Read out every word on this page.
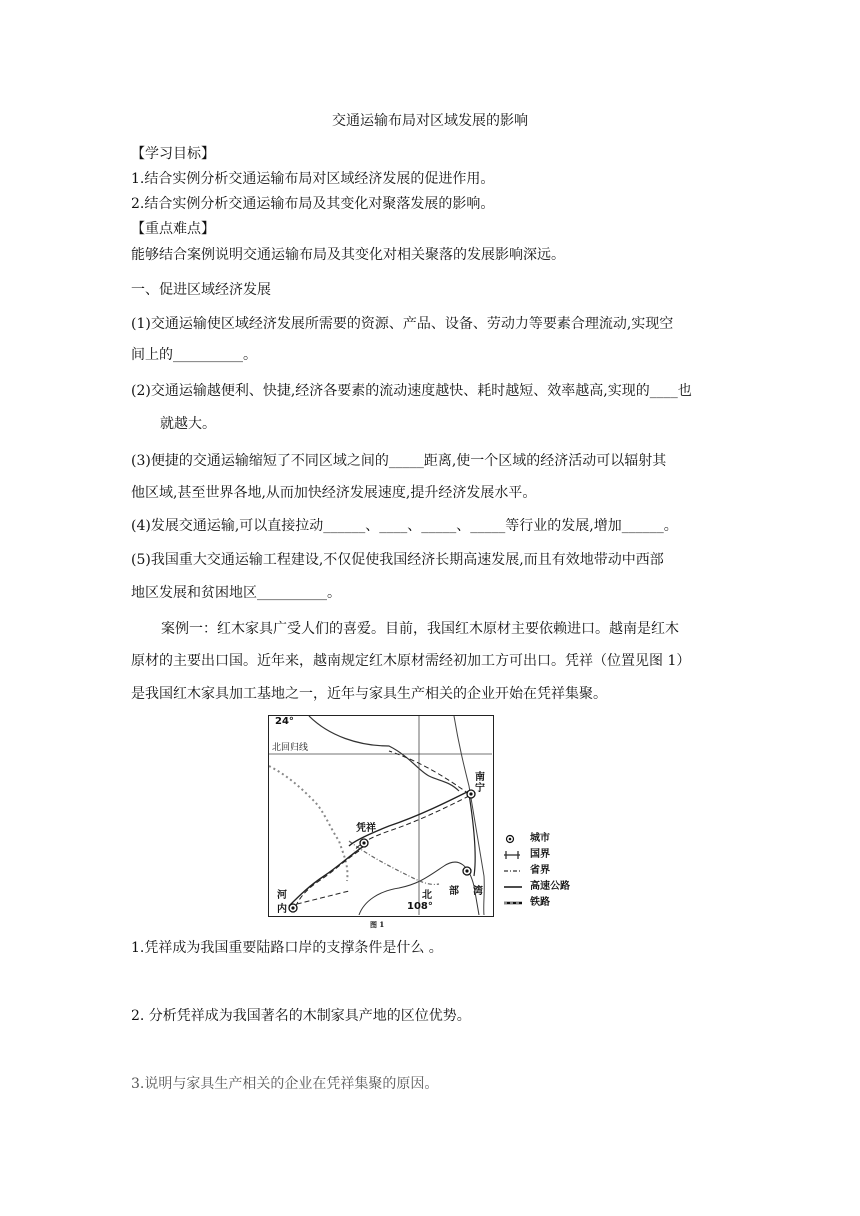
交通运输布局对区域发展的影响
【学习目标】
1.结合实例分析交通运输布局对区域经济发展的促进作用。
2.结合实例分析交通运输布局及其变化对聚落发展的影响。
【重点难点】
能够结合案例说明交通运输布局及其变化对相关聚落的发展影响深远。
一、促进区域经济发展
(1)交通运输使区域经济发展所需要的资源、产品、设备、劳动力等要素合理流动,实现空
间上的__________。
(2)交通运输越便利、快捷,经济各要素的流动速度越快、耗时越短、效率越高,实现的____也
就越大。
(3)便捷的交通运输缩短了不同区域之间的_____距离,使一个区域的经济活动可以辐射其
他区域,甚至世界各地,从而加快经济发展速度,提升经济发展水平。
(4)发展交通运输,可以直接拉动______、____、_____、_____等行业的发展,增加______。
(5)我国重大交通运输工程建设,不仅促使我国经济长期高速发展,而且有效地带动中西部
地区发展和贫困地区__________。
案例一：红木家具广受人们的喜爱。目前，我国红木原材主要依赖进口。越南是红木
原材的主要出口国。近年来，越南规定红木原材需经初加工方可出口。凭祥（位置见图 1）
是我国红木家具加工基地之一，近年与家具生产相关的企业开始在凭祥集聚。
24°
北回归线
南
宁
凭祥
河
内
北 部 湾
108°
城市
国界
省界
高速公路
铁路
图 1
1.凭祥成为我国重要陆路口岸的支撑条件是什么 。
2. 分析凭祥成为我国著名的木制家具产地的区位优势。
3.说明与家具生产相关的企业在凭祥集聚的原因。
